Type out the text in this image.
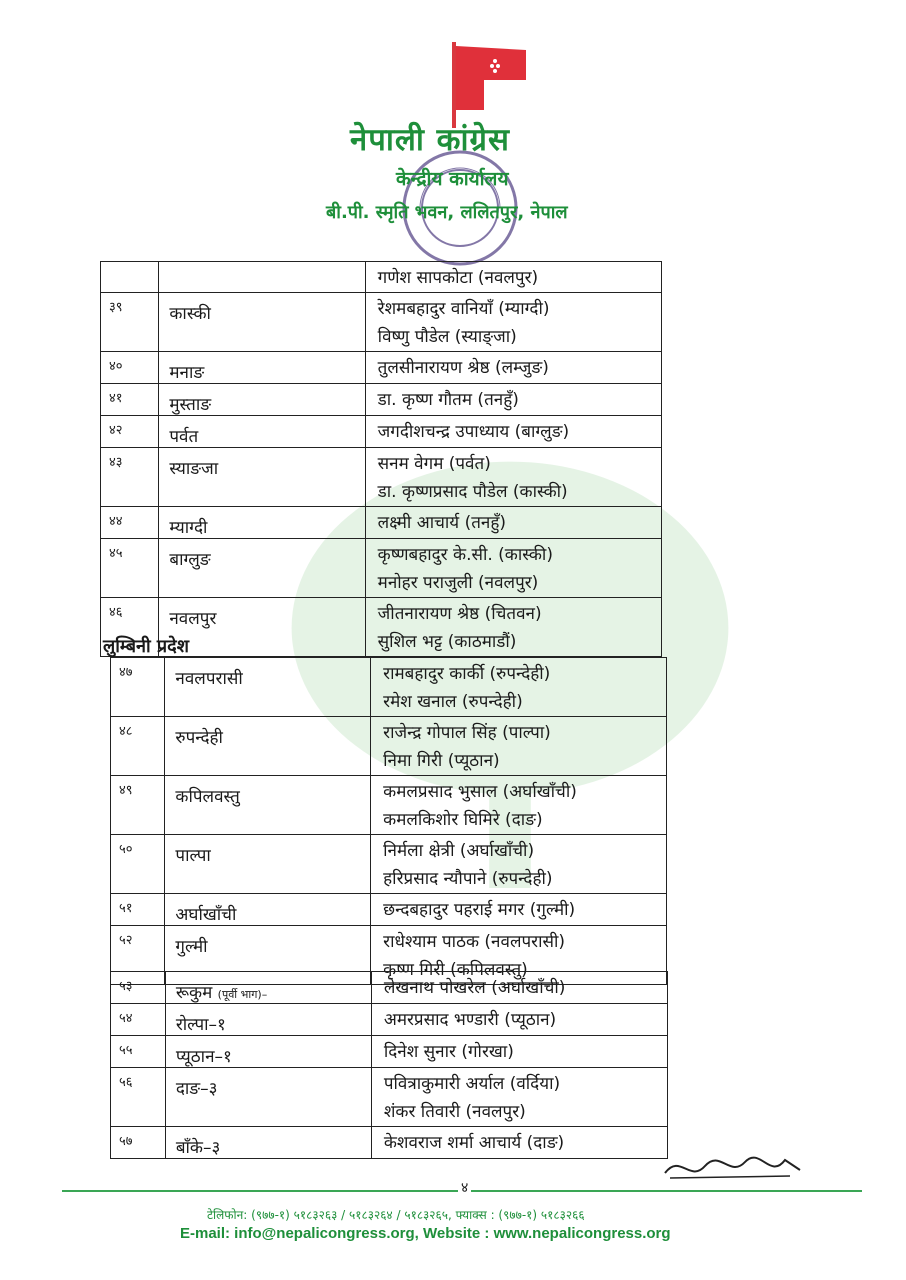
नेपाली कांग्रेस
केन्द्रीय कार्यालय
बी.पी. स्मृति भवन, ललितपुर, नेपाल

		गणेश सापकोटा (नवलपुर)

३९	कास्की	रेशमबहादुर वानियाँ (म्याग्दी)
विष्णु पौडेल (स्याङ्जा)

४०	मनाङ	तुलसीनारायण श्रेष्ठ (लम्जुङ)

४१	मुस्ताङ	डा. कृष्ण गौतम (तनहुँ)

४२	पर्वत	जगदीशचन्द्र उपाध्याय (बाग्लुङ)

४३	स्याङजा	सनम वेगम (पर्वत)
डा. कृष्णप्रसाद पौडेल (कास्की)

४४	म्याग्दी	लक्ष्मी आचार्य (तनहुँ)

४५	बाग्लुङ	कृष्णबहादुर के.सी. (कास्की)
मनोहर पराजुली (नवलपुर)

४६	नवलपुर	जीतनारायण श्रेष्ठ (चितवन)
सुशिल भट्ट (काठमाडौं)
लुम्बिनी प्रदेश
४७	नवलपरासी	रामबहादुर कार्की (रुपन्देही)
रमेश खनाल (रुपन्देही)

४८	रुपन्देही	राजेन्द्र गोपाल सिंह (पाल्पा)
निमा गिरी (प्यूठान)

४९	कपिलवस्तु	कमलप्रसाद भुसाल (अर्घाखाँची)
कमलकिशोर घिमिरे (दाङ)

५०	पाल्पा	निर्मला क्षेत्री (अर्घाखाँची)
हरिप्रसाद न्यौपाने (रुपन्देही)

५१	अर्घाखाँची	छन्दबहादुर पहराई मगर (गुल्मी)

५२	गुल्मी	राधेश्याम पाठक (नवलपरासी)
कृष्ण गिरी (कपिलवस्तु)
५३	रूकुम (पूर्वी भाग)–	लेखनाथ पोखरेल (अर्घाखाँची)

५४	रोल्पा–१	अमरप्रसाद भण्डारी (प्यूठान)

५५	प्यूठान–१	दिनेश सुनार (गोरखा)

५६	दाङ–३	पवित्राकुमारी अर्याल (वर्दिया)
शंकर तिवारी (नवलपुर)

५७	बाँके–३	केशवराज शर्मा आचार्य (दाङ)
४
टेलिफोन: (९७७-१) ५१८३२६३ / ५१८३२६४ / ५१८३२६५, फ्याक्स : (९७७-१) ५१८३२६६
E-mail: info@nepalicongress.org, Website : www.nepalicongress.org
